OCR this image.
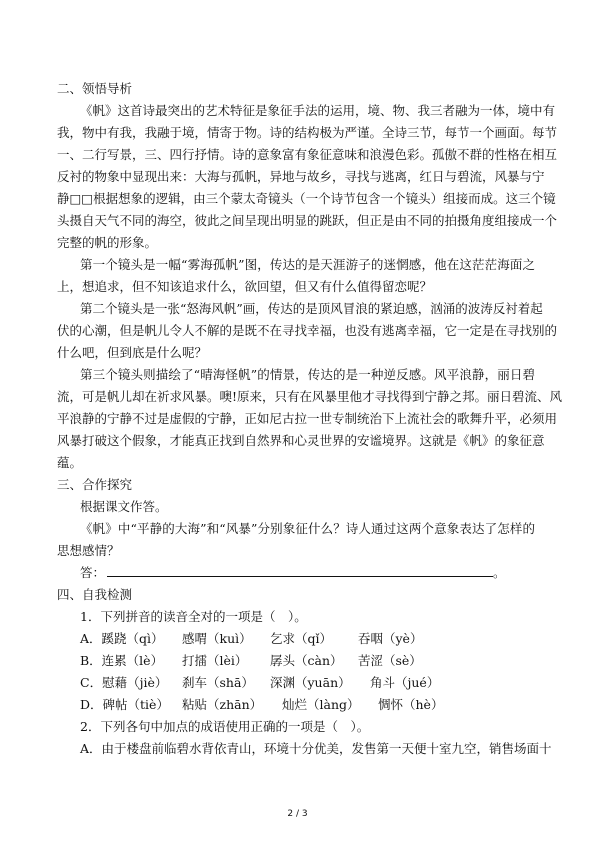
二、领悟导析
《帆》这首诗最突出的艺术特征是象征手法的运用，境、物、我三者融为一体，境中有
我，物中有我，我融于境，情寄于物。诗的结构极为严谨。全诗三节，每节一个画面。每节
一、二行写景，三、四行抒情。诗的意象富有象征意味和浪漫色彩。孤傲不群的性格在相互
反衬的物象中显现出来：大海与孤帆，异地与故乡，寻找与逃离，红日与碧流，风暴与宁
静□□根据想象的逻辑，由三个蒙太奇镜头（一个诗节包含一个镜头）组接而成。这三个镜
头摄自天气不同的海空，彼此之间呈现出明显的跳跃，但正是由不同的拍摄角度组接成一个
完整的帆的形象。
第一个镜头是一幅“雾海孤帆”图，传达的是天涯游子的迷惘感，他在这茫茫海面之
上，想追求，但不知该追求什么，欲回望，但又有什么值得留恋呢？
第二个镜头是一张“怒海风帆”画，传达的是顶风冒浪的紧迫感，汹涌的波涛反衬着起
伏的心潮，但是帆儿令人不解的是既不在寻找幸福，也没有逃离幸福，它一定是在寻找别的
什么吧，但到底是什么呢？
第三个镜头则描绘了“晴海怪帆”的情景，传达的是一种逆反感。风平浪静，丽日碧
流，可是帆儿却在祈求风暴。噢!原来，只有在风暴里他才寻找得到宁静之邦。丽日碧流、风
平浪静的宁静不过是虚假的宁静，正如尼古拉一世专制统治下上流社会的歌舞升平，必须用
风暴打破这个假象，才能真正找到自然界和心灵世界的安谧境界。这就是《帆》的象征意
蕴。
三、合作探究
根据课文作答。
《帆》中“平静的大海”和“风暴”分别象征什么？诗人通过这两个意象表达了怎样的
思想感情？
答：	。
四、自我检测
1．下列拼音的读音全对的一项是（　）。
A．蹊跷（qì） 感喟（kuì） 乞求（qǐ） 吞咽（yè）
B．连累（lè） 打擂（lèi） 孱头（càn） 苦涩（sè）
C．慰藉（jiè） 刹车（shā） 深渊（yuān） 角斗（jué）
D．碑帖（tiè） 粘贴（zhān） 灿烂（làng） 惆怀（hè）
2．下列各句中加点的成语使用正确的一项是（　）。
A．由于楼盘前临碧水背依青山，环境十分优美，发售第一天便十室九空，销售场面十
2 / 3
